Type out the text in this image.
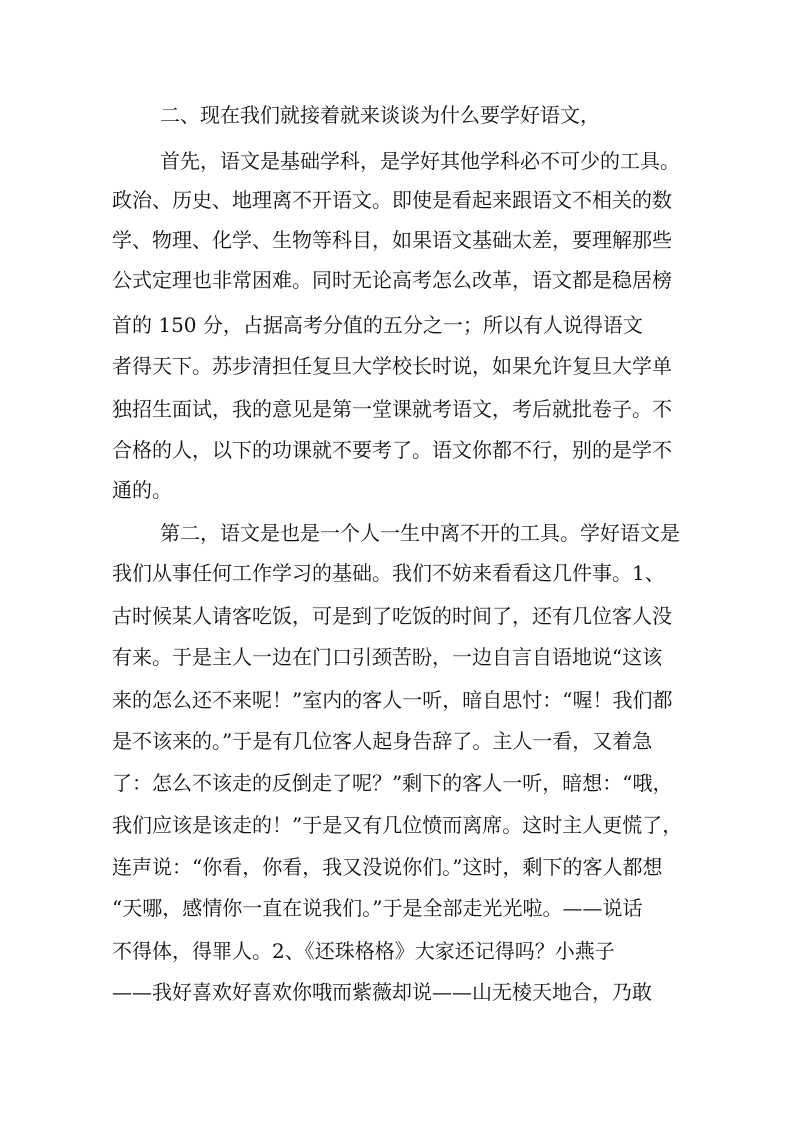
二、现在我们就接着就来谈谈为什么要学好语文，
首先，语文是基础学科，是学好其他学科必不可少的工具。
政治、历史、地理离不开语文。即使是看起来跟语文不相关的数
学、物理、化学、生物等科目，如果语文基础太差，要理解那些
公式定理也非常困难。同时无论高考怎么改革，语文都是稳居榜
首的 150 分，占据高考分值的五分之一；所以有人说得语文
者得天下。苏步清担任复旦大学校长时说，如果允许复旦大学单
独招生面试，我的意见是第一堂课就考语文，考后就批卷子。不
合格的人，以下的功课就不要考了。语文你都不行，别的是学不
通的。
第二，语文是也是一个人一生中离不开的工具。学好语文是
我们从事任何工作学习的基础。我们不妨来看看这几件事。1、
古时候某人请客吃饭，可是到了吃饭的时间了，还有几位客人没
有来。于是主人一边在门口引颈苦盼，一边自言自语地说“这该
来的怎么还不来呢！”室内的客人一听，暗自思忖：“喔！我们都
是不该来的。”于是有几位客人起身告辞了。主人一看，又着急
了：怎么不该走的反倒走了呢？”剩下的客人一听，暗想：“哦，
我们应该是该走的！”于是又有几位愤而离席。这时主人更慌了，
连声说：“你看，你看，我又没说你们。”这时，剩下的客人都想
“天哪，感情你一直在说我们。”于是全部走光光啦。——说话
不得体，得罪人。2、《还珠格格》大家还记得吗？小燕子
——我好喜欢好喜欢你哦而紫薇却说——山无棱天地合，乃敢
